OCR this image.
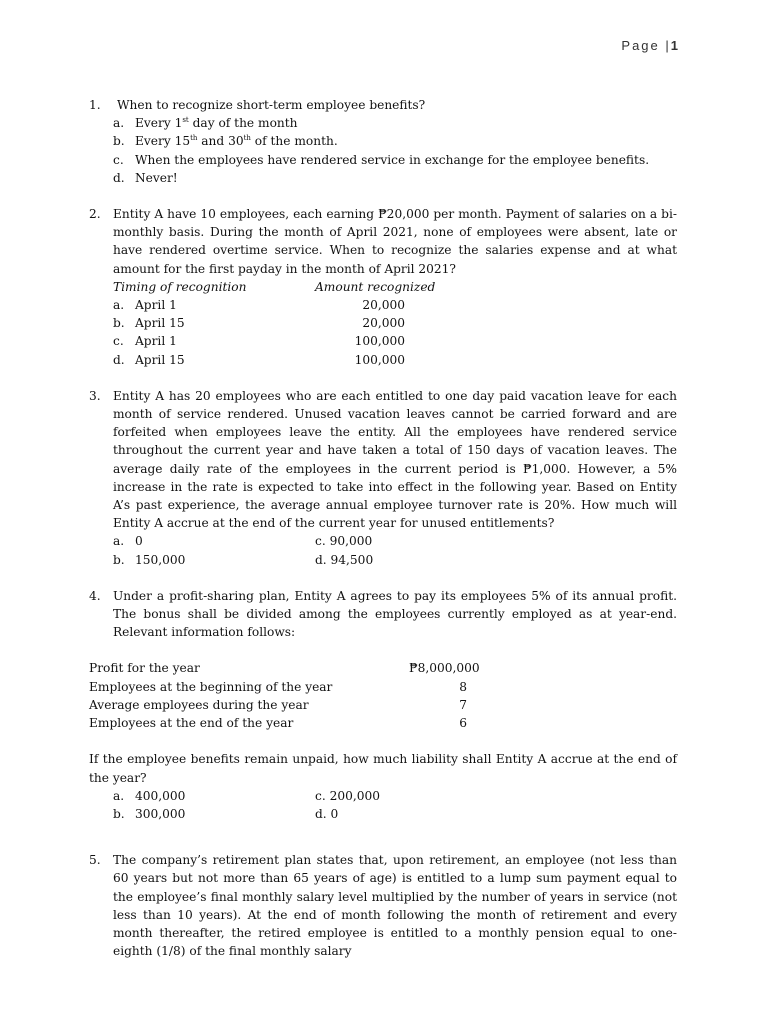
Page |1
1.	When to recognize short-term employee benefits?
a. Every 1st day of the month
b. Every 15th and 30th of the month.
c. When the employees have rendered service in exchange for the employee benefits.
d. Never!
2. Entity A have 10 employees, each earning ₱20,000 per month. Payment of salaries on a bi-monthly basis. During the month of April 2021, none of employees were absent, late or have rendered overtime service. When to recognize the salaries expense and at what amount for the first payday in the month of April 2021?
Timing of recognition	Amount recognized
a. April 1	20,000
b. April 15	20,000
c. April 1	100,000
d. April 15	100,000
3. Entity A has 20 employees who are each entitled to one day paid vacation leave for each month of service rendered. Unused vacation leaves cannot be carried forward and are forfeited when employees leave the entity. All the employees have rendered service throughout the current year and have taken a total of 150 days of vacation leaves. The average daily rate of the employees in the current period is ₱1,000. However, a 5% increase in the rate is expected to take into effect in the following year. Based on Entity A’s past experience, the average annual employee turnover rate is 20%. How much will Entity A accrue at the end of the current year for unused entitlements?
a. 0	c. 90,000
b. 150,000	d. 94,500
4. Under a profit-sharing plan, Entity A agrees to pay its employees 5% of its annual profit. The bonus shall be divided among the employees currently employed as at year-end. Relevant information follows:
Profit for the year	₱8,000,000
Employees at the beginning of the year	8
Average employees during the year	7
Employees at the end of the year	6
If the employee benefits remain unpaid, how much liability shall Entity A accrue at the end of the year?
a. 400,000	c. 200,000
b. 300,000	d. 0
5. The company’s retirement plan states that, upon retirement, an employee (not less than 60 years but not more than 65 years of age) is entitled to a lump sum payment equal to the employee’s final monthly salary level multiplied by the number of years in service (not less than 10 years). At the end of month following the month of retirement and every month thereafter, the retired employee is entitled to a monthly pension equal to one-eighth (1/8) of the final monthly salary
